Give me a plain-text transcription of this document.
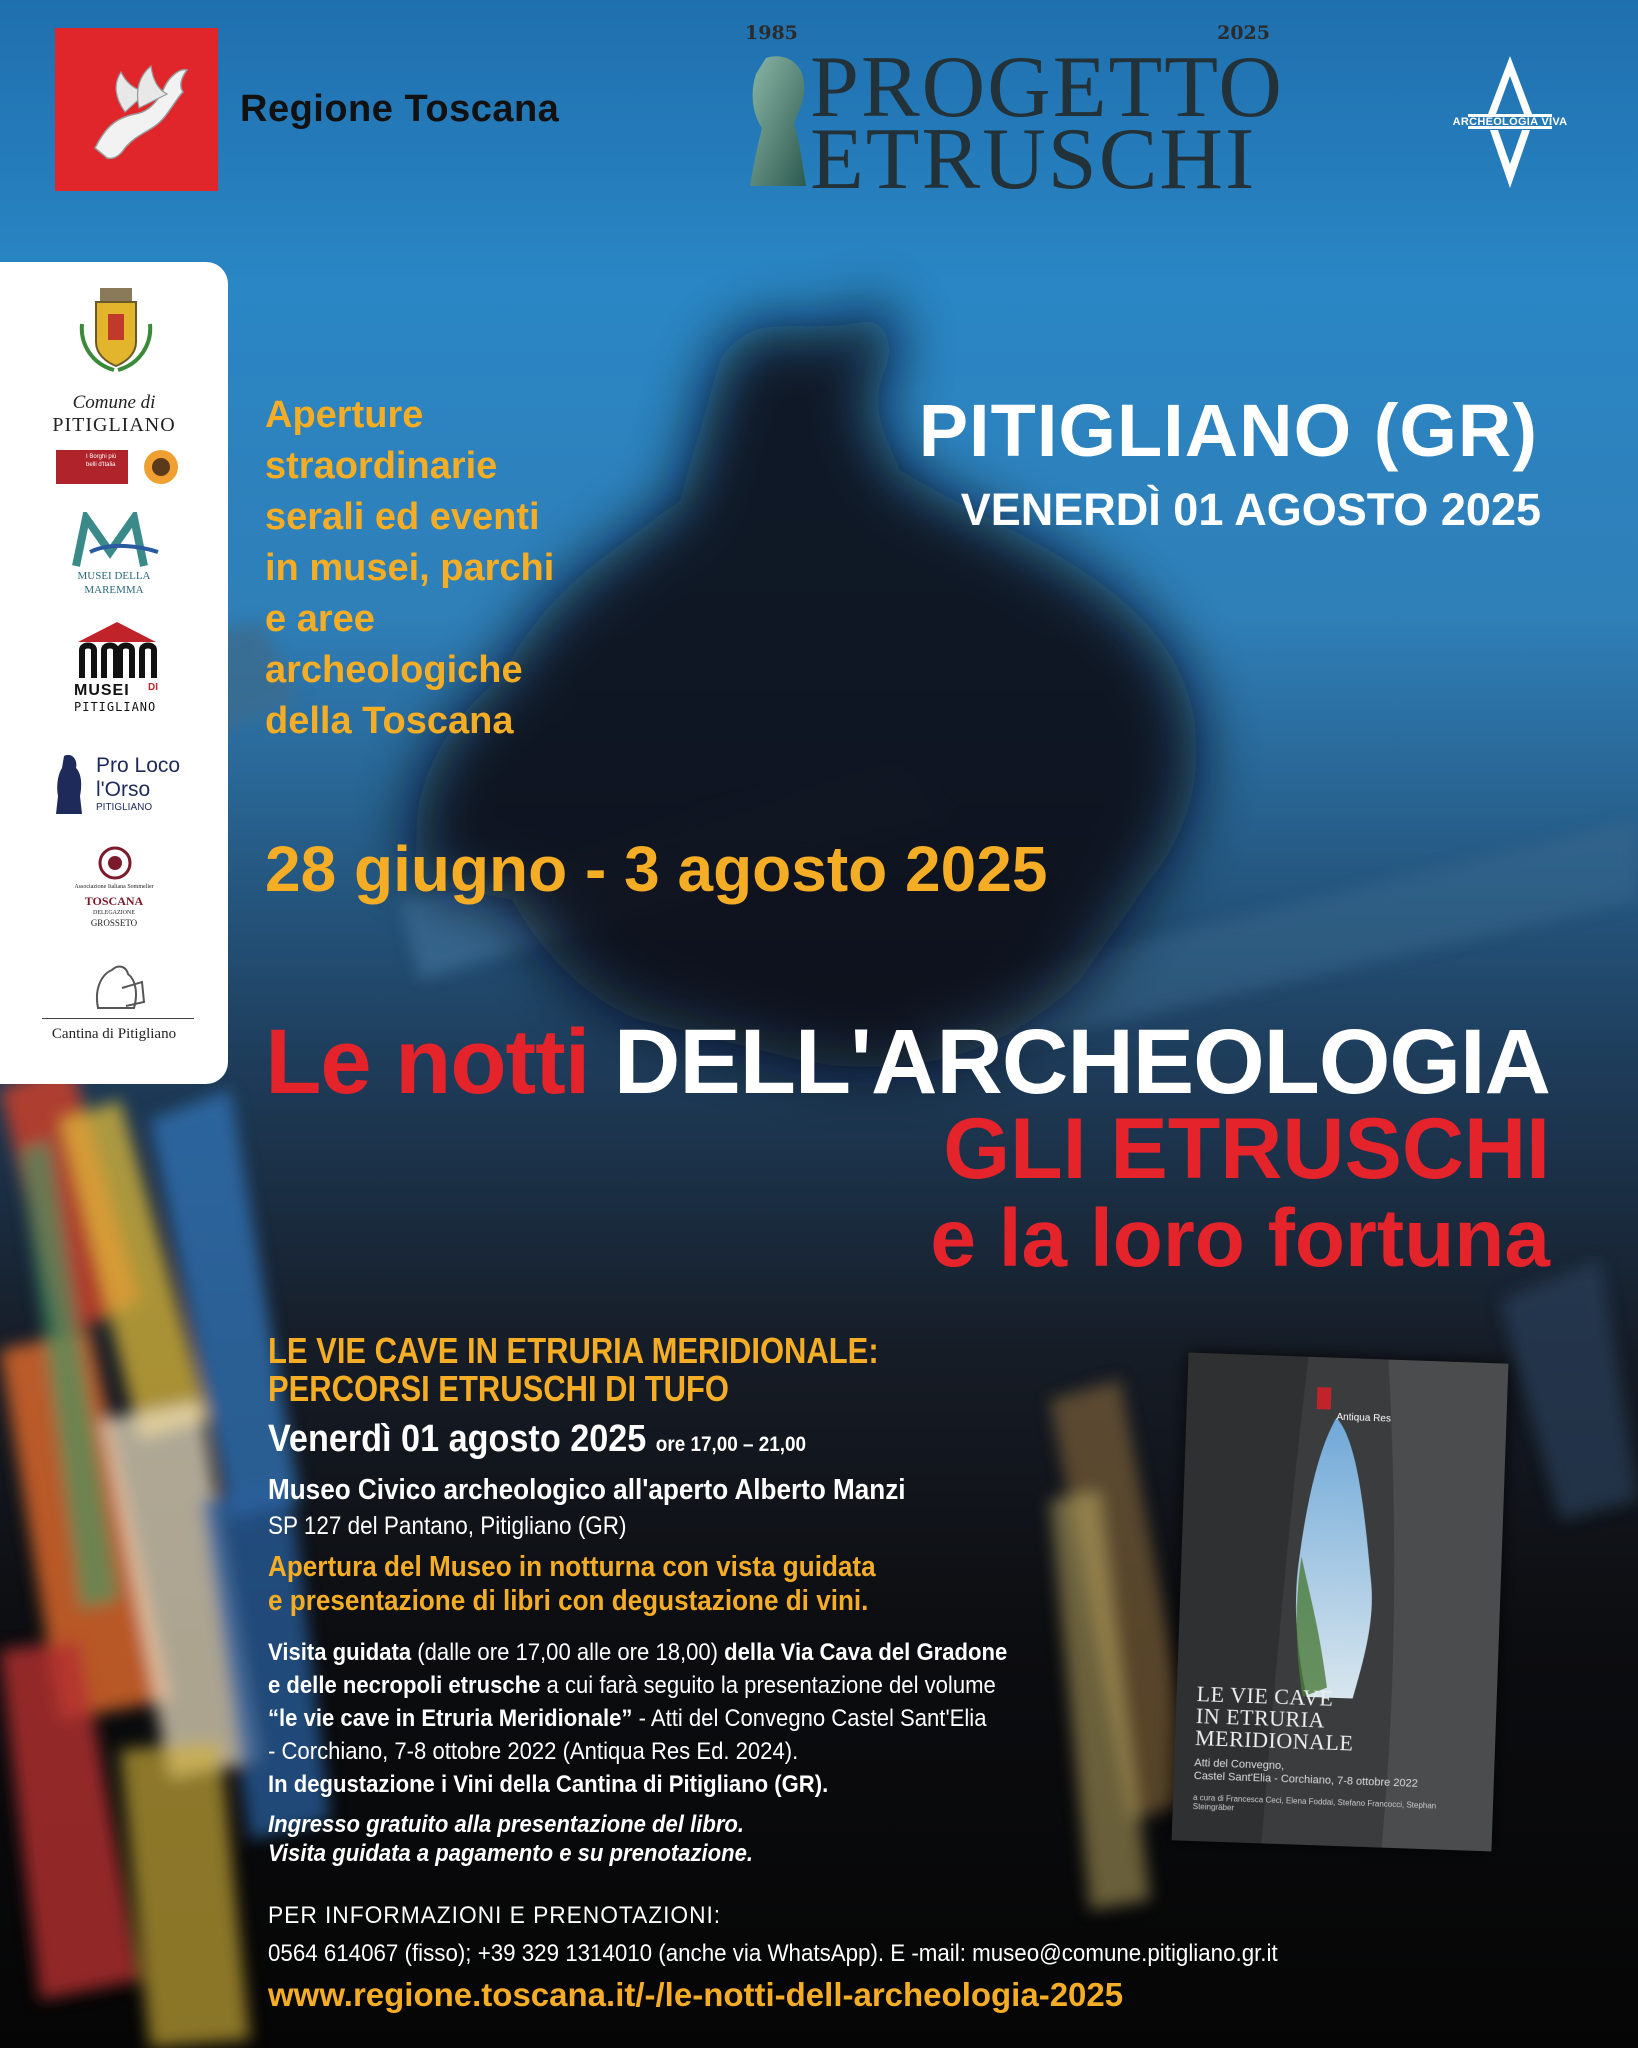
Regione Toscana
1985	2025
PROGETTO
ETRUSCHI	ARCHEOLOGIA VIVA
Comune di
PITIGLIANO
I Borghi più belli d'Italia
MUSEI DELLA
MAREMMA
MUSEI DI
PITIGLIANO
Pro Loco
l'Orso
PITIGLIANO
Associazione Italiana Sommelier
TOSCANA
DELEGAZIONE
GROSSETO
Cantina di Pitigliano
Aperture
straordinarie
serali ed eventi
in musei, parchi
e aree
archeologiche
della Toscana
PITIGLIANO (GR)
VENERDÌ 01 AGOSTO 2025
28 giugno - 3 agosto 2025
Le notti DELL'ARCHEOLOGIA
GLI ETRUSCHI
e la loro fortuna
LE VIE CAVE IN ETRURIA MERIDIONALE:
PERCORSI ETRUSCHI DI TUFO
Venerdì 01 agosto 2025 ore 17,00 – 21,00
Museo Civico archeologico all'aperto Alberto Manzi
SP 127 del Pantano, Pitigliano (GR)
Apertura del Museo in notturna con vista guidata
e presentazione di libri con degustazione di vini.
Visita guidata (dalle ore 17,00 alle ore 18,00) della Via Cava del Gradone
e delle necropoli etrusche a cui farà seguito la presentazione del volume
“le vie cave in Etruria Meridionale” - Atti del Convegno Castel Sant'Elia
- Corchiano, 7-8 ottobre 2022 (Antiqua Res Ed. 2024).
In degustazione i Vini della Cantina di Pitigliano (GR).
Ingresso gratuito alla presentazione del libro.
Visita guidata a pagamento e su prenotazione.
Antiqua Res
LE VIE CAVE
IN ETRURIA MERIDIONALE
Atti del Convegno,
Castel Sant'Elia - Corchiano, 7-8 ottobre 2022
a cura di Francesca Ceci, Elena Foddai, Stefano Francocci, Stephan Steingräber
PER INFORMAZIONI E PRENOTAZIONI:
0564 614067 (fisso); +39 329 1314010 (anche via WhatsApp). E -mail: museo@comune.pitigliano.gr.it
www.regione.toscana.it/-/le-notti-dell-archeologia-2025
